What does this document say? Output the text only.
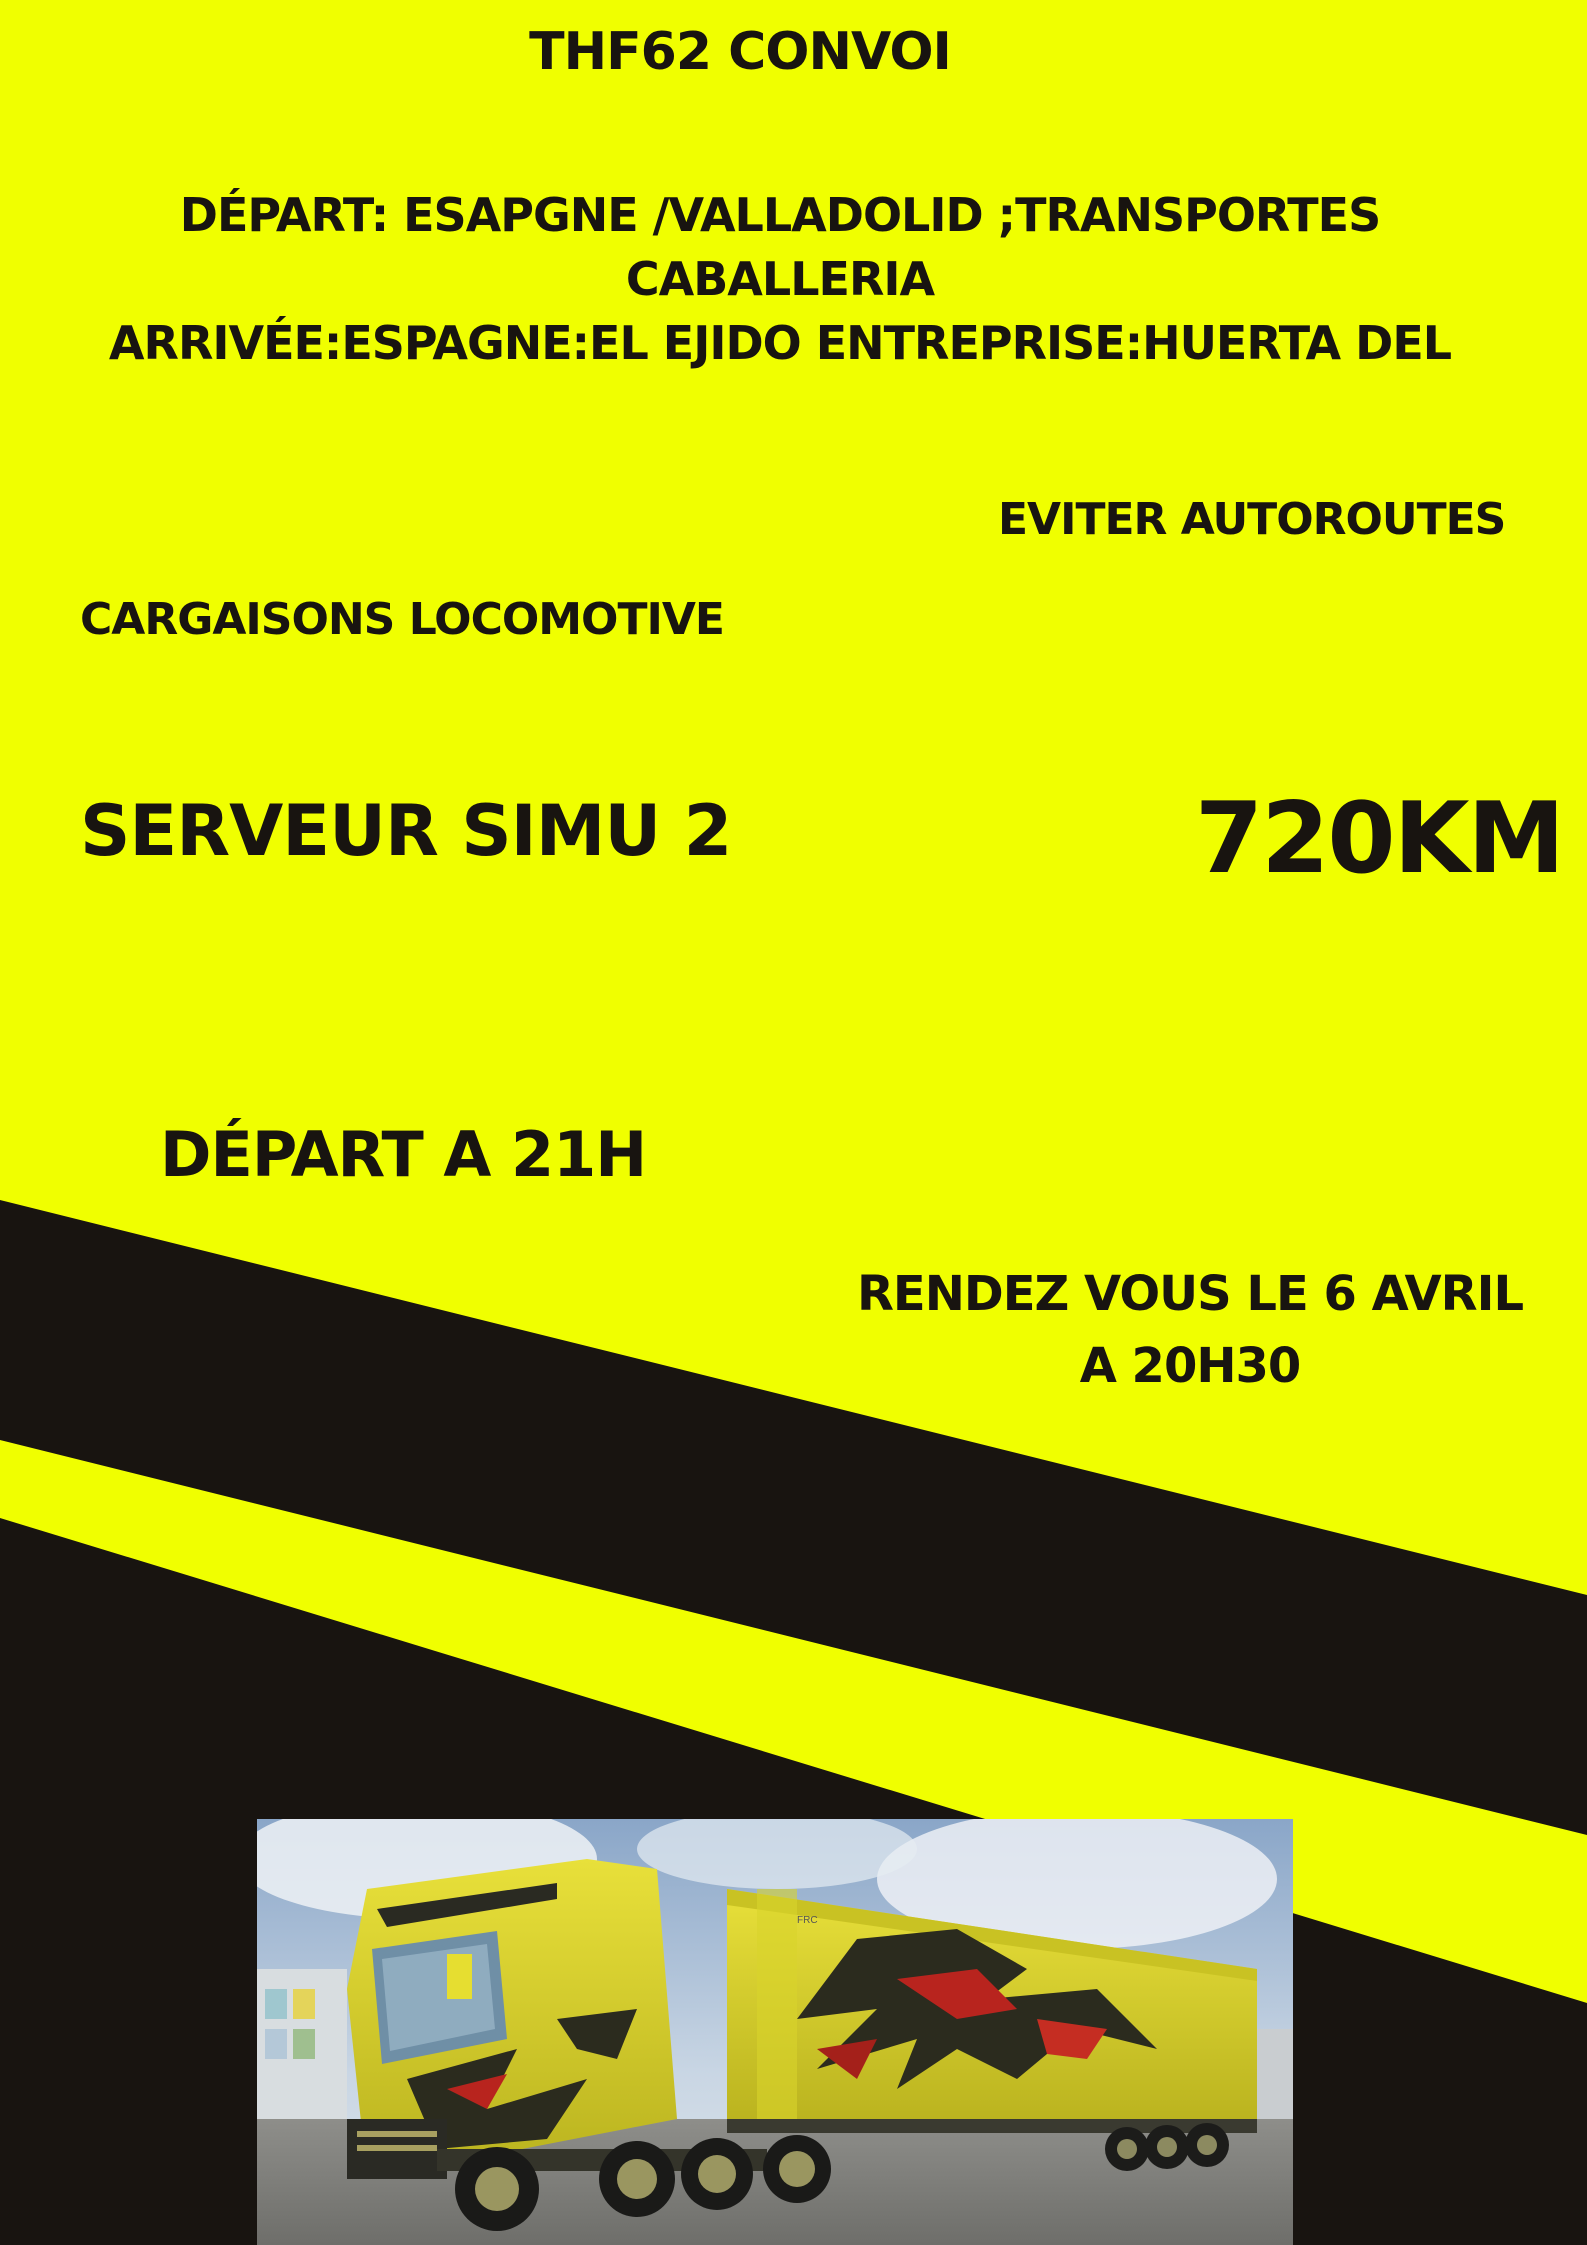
THF62 CONVOI
DÉPART: ESAPGNE /VALLADOLID ;TRANSPORTES
CABALLERIA
ARRIVÉE:ESPAGNE:EL EJIDO ENTREPRISE:HUERTA DEL
EVITER AUTOROUTES
CARGAISONS LOCOMOTIVE
SERVEUR SIMU 2	720KM
DÉPART A 21H
RENDEZ VOUS LE 6 AVRIL
A 20H30
FRC
